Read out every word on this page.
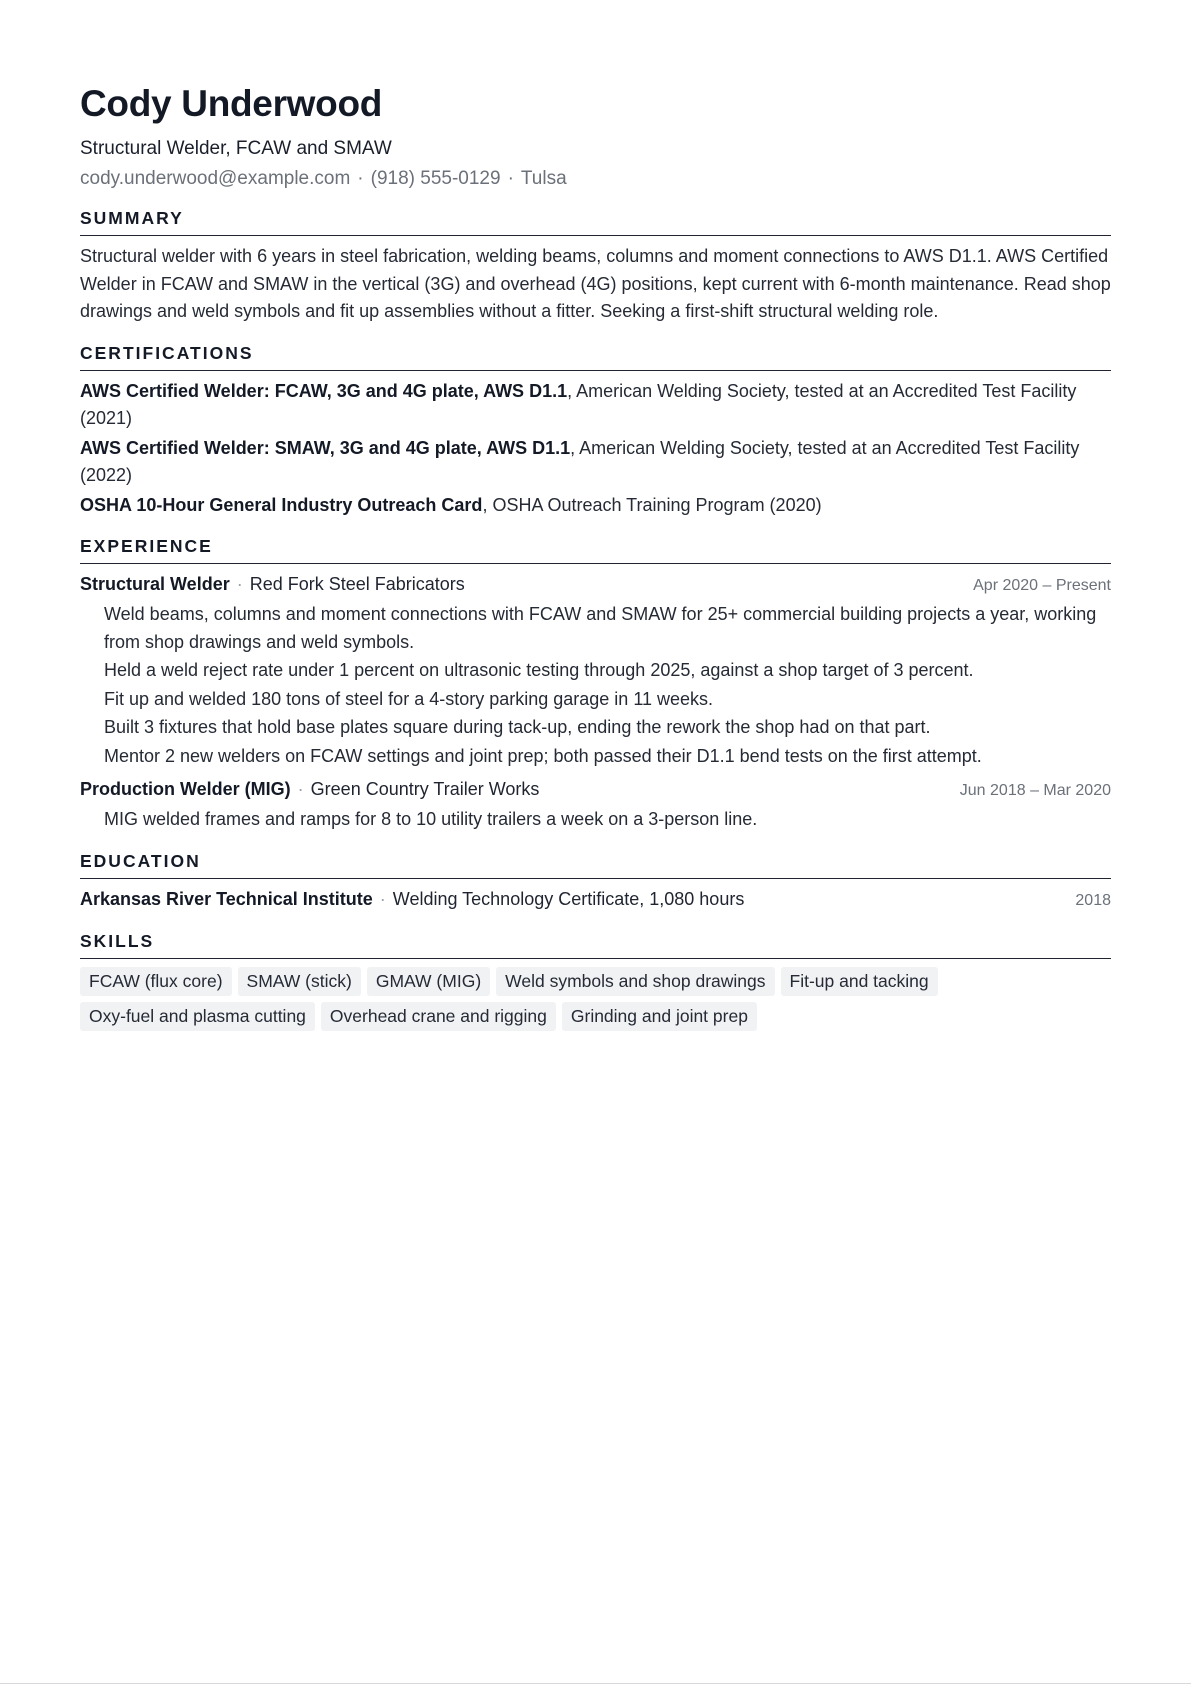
Cody Underwood
Structural Welder, FCAW and SMAW
cody.underwood@example.com · (918) 555-0129 · Tulsa
SUMMARY

Structural welder with 6 years in steel fabrication, welding beams, columns and moment connections to AWS D1.1. AWS Certified Welder in FCAW and SMAW in the vertical (3G) and overhead (4G) positions, kept current with 6-month maintenance. Read shop drawings and weld symbols and fit up assemblies without a fitter. Seeking a first-shift structural welding role.

CERTIFICATIONS

AWS Certified Welder: FCAW, 3G and 4G plate, AWS D1.1, American Welding Society, tested at an Accredited Test Facility (2021)

AWS Certified Welder: SMAW, 3G and 4G plate, AWS D1.1, American Welding Society, tested at an Accredited Test Facility (2022)

OSHA 10-Hour General Industry Outreach Card, OSHA Outreach Training Program (2020)

EXPERIENCE
Structural Welder · Red Fork Steel Fabricators	Apr 2020 – Present
Weld beams, columns and moment connections with FCAW and SMAW for 25+ commercial building projects a year, working from shop drawings and weld symbols.
Held a weld reject rate under 1 percent on ultrasonic testing through 2025, against a shop target of 3 percent.
Fit up and welded 180 tons of steel for a 4-story parking garage in 11 weeks.
Built 3 fixtures that hold base plates square during tack-up, ending the rework the shop had on that part.
Mentor 2 new welders on FCAW settings and joint prep; both passed their D1.1 bend tests on the first attempt.
Production Welder (MIG) · Green Country Trailer Works	Jun 2018 – Mar 2020
MIG welded frames and ramps for 8 to 10 utility trailers a week on a 3-person line.
EDUCATION
Arkansas River Technical Institute · Welding Technology Certificate, 1,080 hours	2018
SKILLS
FCAW (flux core)	SMAW (stick)	GMAW (MIG)	Weld symbols and shop drawings	Fit-up and tacking
Oxy-fuel and plasma cutting	Overhead crane and rigging	Grinding and joint prep
